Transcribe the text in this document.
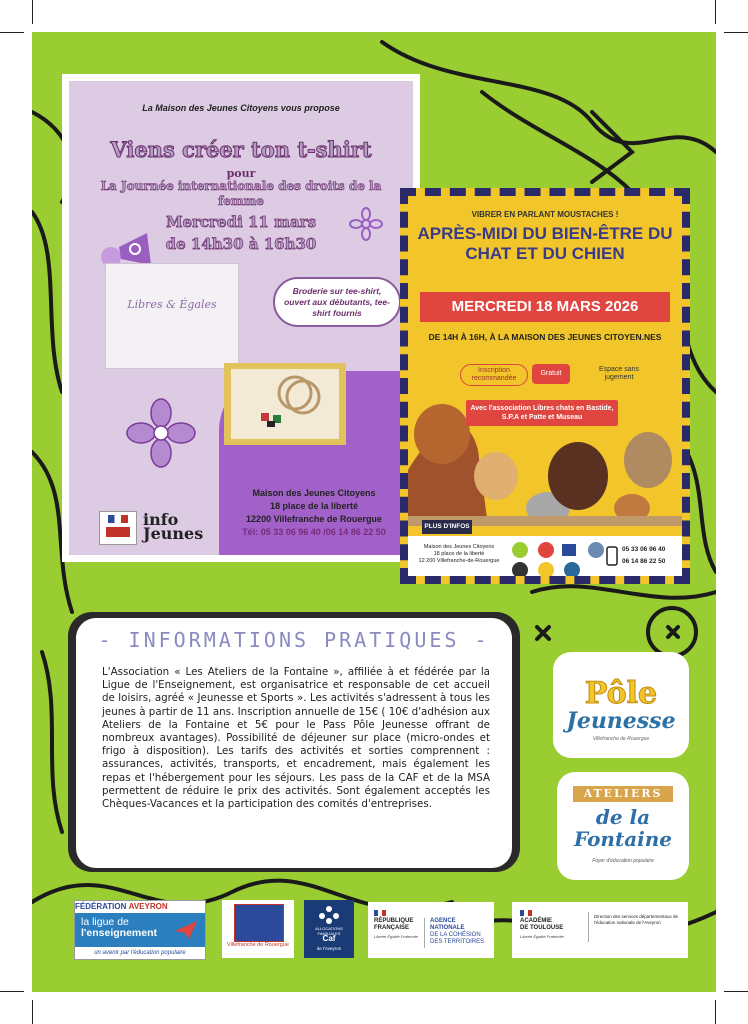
La Maison des Jeunes Citoyens vous propose
Viens créer ton t-shirt
pour
La Journée internationale des droits de la femme
Mercredi 11 mars
de 14h30 à 16h30
Libres & Égales
Broderie sur tee-shirt, ouvert aux débutants, tee-shirt fournis
Maison des Jeunes Citoyens
18 place de la liberté
12200 Villefranche de Rouergue
Tél: 05 33 06 96 40 /06 14 86 22 50
info Jeunes
VIBRER EN PARLANT MOUSTACHES !
APRÈS-MIDI DU BIEN-ÊTRE DU CHAT ET DU CHIEN
MERCREDI 18 MARS 2026
DE 14H À 16H, À LA MAISON DES JEUNES CITOYEN.NES
Inscription recommandée
Gratuit
Espace sans jugement
Avec l'association Libres chats en Bastide, S.P.A et Patte et Museau
PLUS D'INFOS
Maison des Jeunes Citoyens
18 place de la liberté
12 200 Villefranche-de-Rouergue
05 33 06 96 40
06 14 86 22 50
- INFORMATIONS PRATIQUES -
L'Association « Les Ateliers de la Fontaine », affiliée à et fédérée par la Ligue de l'Enseignement, est organisatrice et responsable de cet accueil de loisirs, agréé « Jeunesse et Sports ». Les activités s'adressent à tous les jeunes à partir de 11 ans. Inscription annuelle de 15€ ( 10€ d'adhésion aux Ateliers de la Fontaine et 5€ pour le Pass Pôle Jeunesse offrant de nombreux avantages). Possibilité de déjeuner sur place (micro-ondes et frigo à disposition). Les tarifs des activités et sorties comprennent : assurances, activités, transports, et encadrement, mais également les repas et l'hébergement pour les séjours. Les pass de la CAF et de la MSA permettent de réduire le prix des activités. Sont également acceptés les Chèques-Vacances et la participation des comités d'entreprises.
Pôle
Jeunesse
Villefranche de Rouergue
ATELIERS
de la Fontaine
Foyer d'éducation populaire
FÉDÉRATION AVEYRON
la ligue de
l'enseignement
un avenir par l'éducation populaire
Villefranche de Rouergue
ALLOCATIONS FAMILIALES
Caf
de l'Aveyron
RÉPUBLIQUE
FRANÇAISE
Liberté Égalité Fraternité
AGENCE
NATIONALE
DE LA COHÉSION
DES TERRITOIRES
ACADÉMIE
DE TOULOUSE
Liberté Égalité Fraternité
Direction des services départementaux de l'éducation nationale de l'Aveyron
